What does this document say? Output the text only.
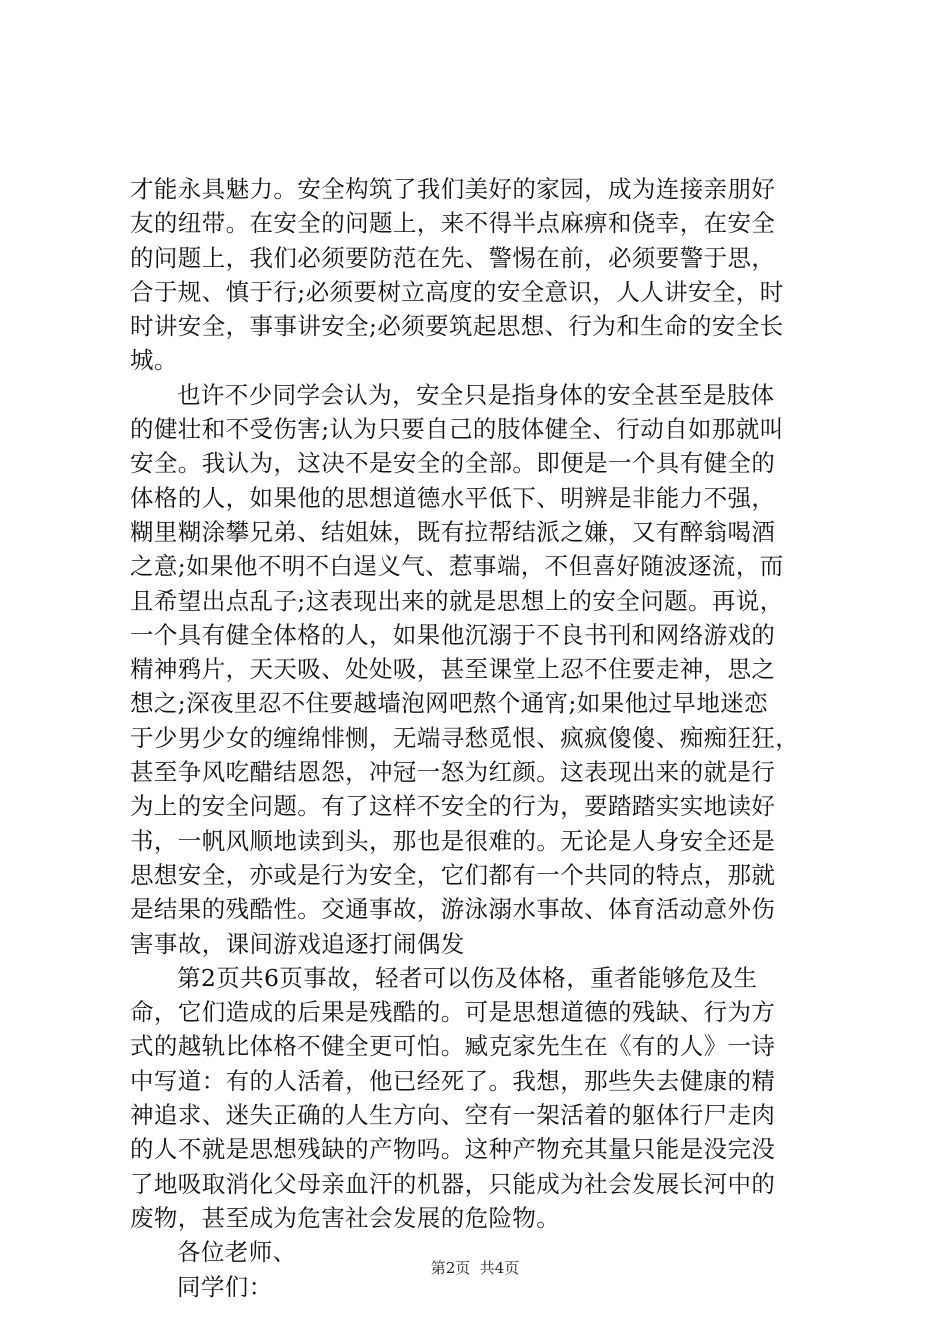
才能永具魅力。安全构筑了我们美好的家园，成为连接亲朋好
友的纽带。在安全的问题上，来不得半点麻痹和侥幸，在安全
的问题上，我们必须要防范在先、警惕在前，必须要警于思，
合于规、慎于行;必须要树立高度的安全意识，人人讲安全，时
时讲安全，事事讲安全;必须要筑起思想、行为和生命的安全长
城。
也许不少同学会认为，安全只是指身体的安全甚至是肢体
的健壮和不受伤害;认为只要自己的肢体健全、行动自如那就叫
安全。我认为，这决不是安全的全部。即便是一个具有健全的
体格的人，如果他的思想道德水平低下、明辨是非能力不强，
糊里糊涂攀兄弟、结姐妹，既有拉帮结派之嫌，又有醉翁喝酒
之意;如果他不明不白逞义气、惹事端，不但喜好随波逐流，而
且希望出点乱子;这表现出来的就是思想上的安全问题。再说，
一个具有健全体格的人，如果他沉溺于不良书刊和网络游戏的
精神鸦片，天天吸、处处吸，甚至课堂上忍不住要走神，思之
想之;深夜里忍不住要越墙泡网吧熬个通宵;如果他过早地迷恋
于少男少女的缠绵悱恻，无端寻愁觅恨、疯疯傻傻、痴痴狂狂，
甚至争风吃醋结恩怨，冲冠一怒为红颜。这表现出来的就是行
为上的安全问题。有了这样不安全的行为，要踏踏实实地读好
书，一帆风顺地读到头，那也是很难的。无论是人身安全还是
思想安全，亦或是行为安全，它们都有一个共同的特点，那就
是结果的残酷性。交通事故，游泳溺水事故、体育活动意外伤
害事故，课间游戏追逐打闹偶发
第2页共6页事故，轻者可以伤及体格，重者能够危及生
命，它们造成的后果是残酷的。可是思想道德的残缺、行为方
式的越轨比体格不健全更可怕。臧克家先生在《有的人》一诗
中写道：有的人活着，他已经死了。我想，那些失去健康的精
神追求、迷失正确的人生方向、空有一架活着的躯体行尸走肉
的人不就是思想残缺的产物吗。这种产物充其量只能是没完没
了地吸取消化父母亲血汗的机器，只能成为社会发展长河中的
废物，甚至成为危害社会发展的危险物。
各位老师、
同学们：
第2页  共4页
